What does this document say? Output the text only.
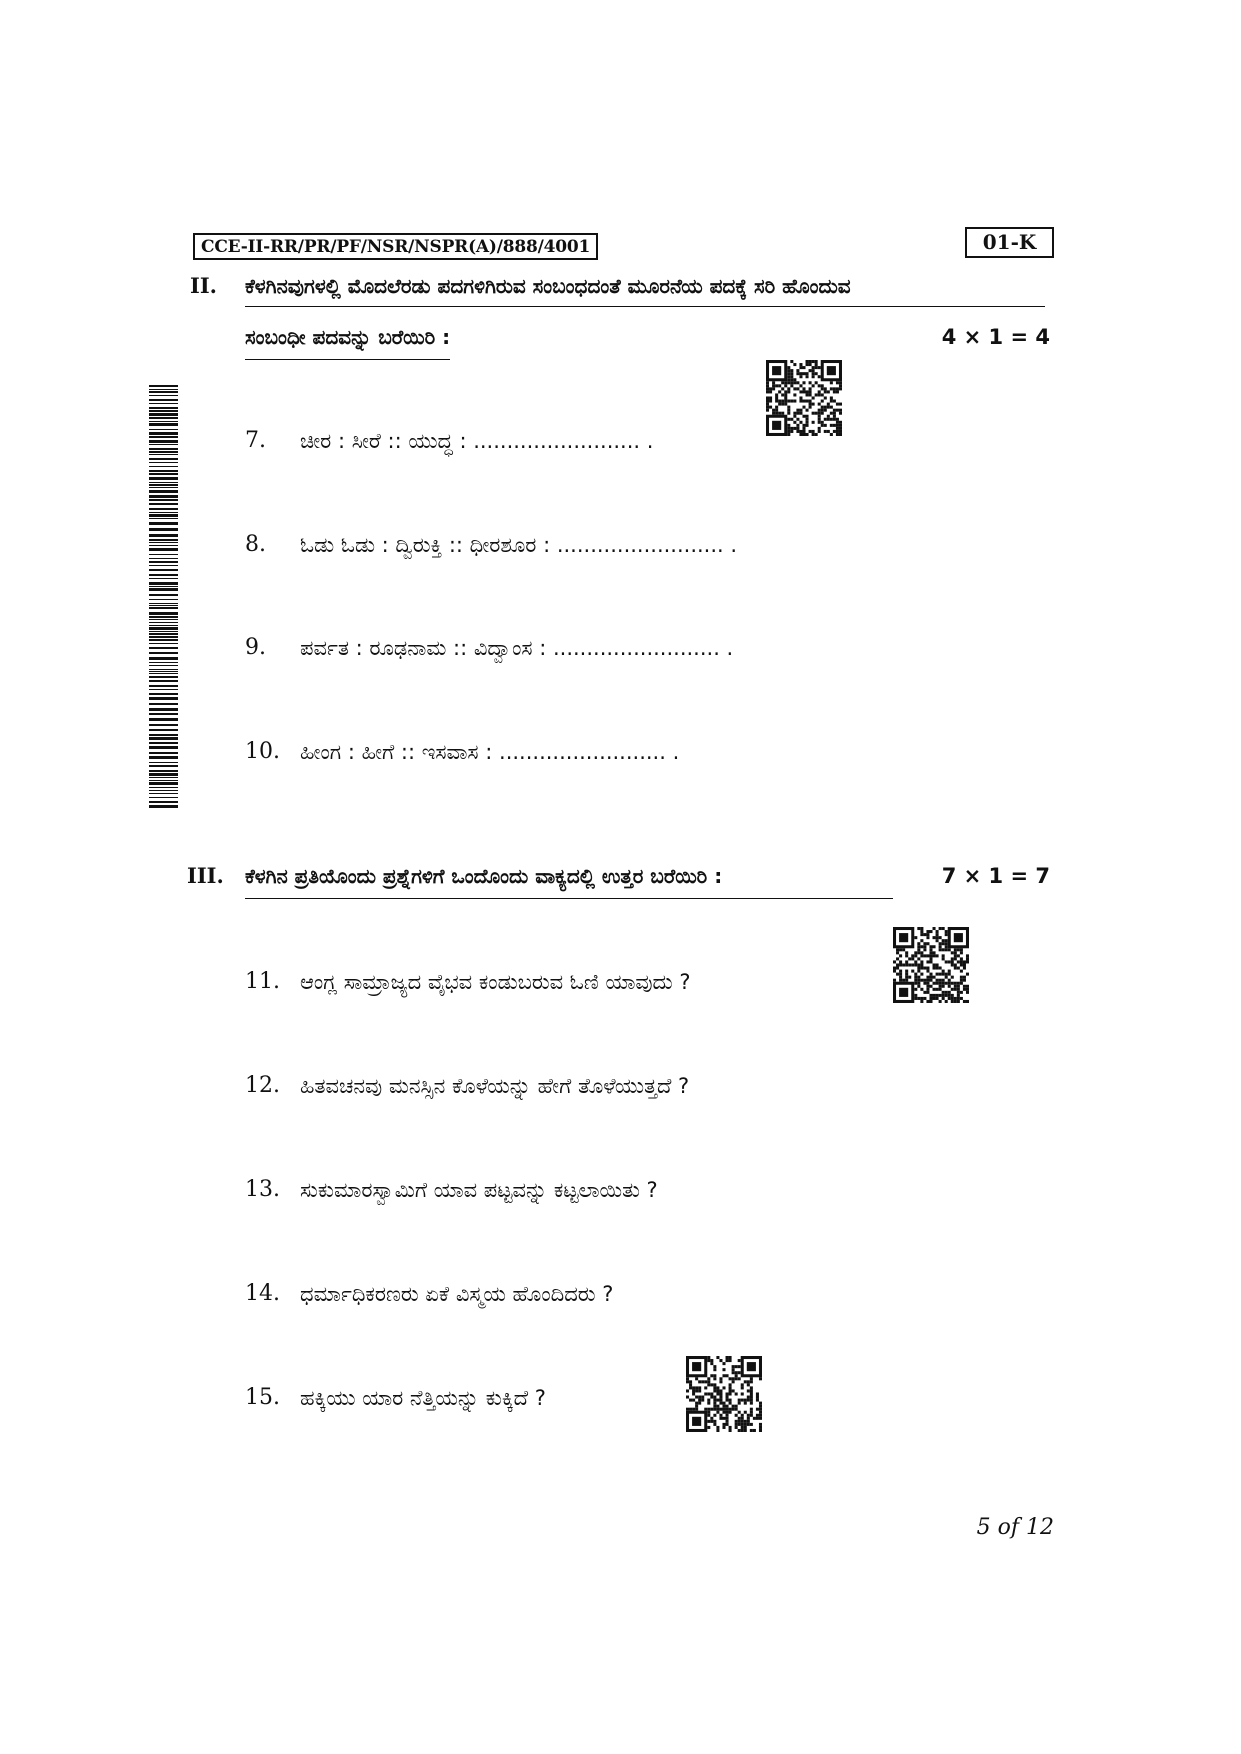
CCE-II-RR/PR/PF/NSR/NSPR(A)/888/4001	01-K
II. ಕೆಳಗಿನವುಗಳಲ್ಲಿ ಮೊದಲೆರಡು ಪದಗಳಿಗಿರುವ ಸಂಬಂಧದಂತೆ ಮೂರನೆಯ ಪದಕ್ಕೆ ಸರಿ ಹೊಂದುವ
ಸಂಬಂಧೀ ಪದವನ್ನು ಬರೆಯಿರಿ :	4 × 1 = 4
7. ಚೀರ : ಸೀರೆ :: ಯುದ್ಧ : ......................... .
8. ಓಡು ಓಡು : ದ್ವಿರುಕ್ತಿ :: ಧೀರಶೂರ : ......................... .
9. ಪರ್ವತ : ರೂಢನಾಮ :: ವಿದ್ವಾಂಸ : ......................... .
10. ಹೀಂಗ : ಹೀಗೆ :: ಇಸವಾಸ : ......................... .
III. ಕೆಳಗಿನ ಪ್ರತಿಯೊಂದು ಪ್ರಶ್ನೆಗಳಿಗೆ ಒಂದೊಂದು ವಾಕ್ಯದಲ್ಲಿ ಉತ್ತರ ಬರೆಯಿರಿ :	7 × 1 = 7
11. ಆಂಗ್ಲ ಸಾಮ್ರಾಜ್ಯದ ವೈಭವ ಕಂಡುಬರುವ ಓಣಿ ಯಾವುದು ?
12. ಹಿತವಚನವು ಮನಸ್ಸಿನ ಕೊಳೆಯನ್ನು ಹೇಗೆ ತೊಳೆಯುತ್ತದೆ ?
13. ಸುಕುಮಾರಸ್ವಾಮಿಗೆ ಯಾವ ಪಟ್ಟವನ್ನು ಕಟ್ಟಲಾಯಿತು ?
14. ಧರ್ಮಾಧಿಕರಣರು ಏಕೆ ವಿಸ್ಮಯ ಹೊಂದಿದರು ?
15. ಹಕ್ಕಿಯು ಯಾರ ನೆತ್ತಿಯನ್ನು ಕುಕ್ಕಿದೆ ?
5 of 12
